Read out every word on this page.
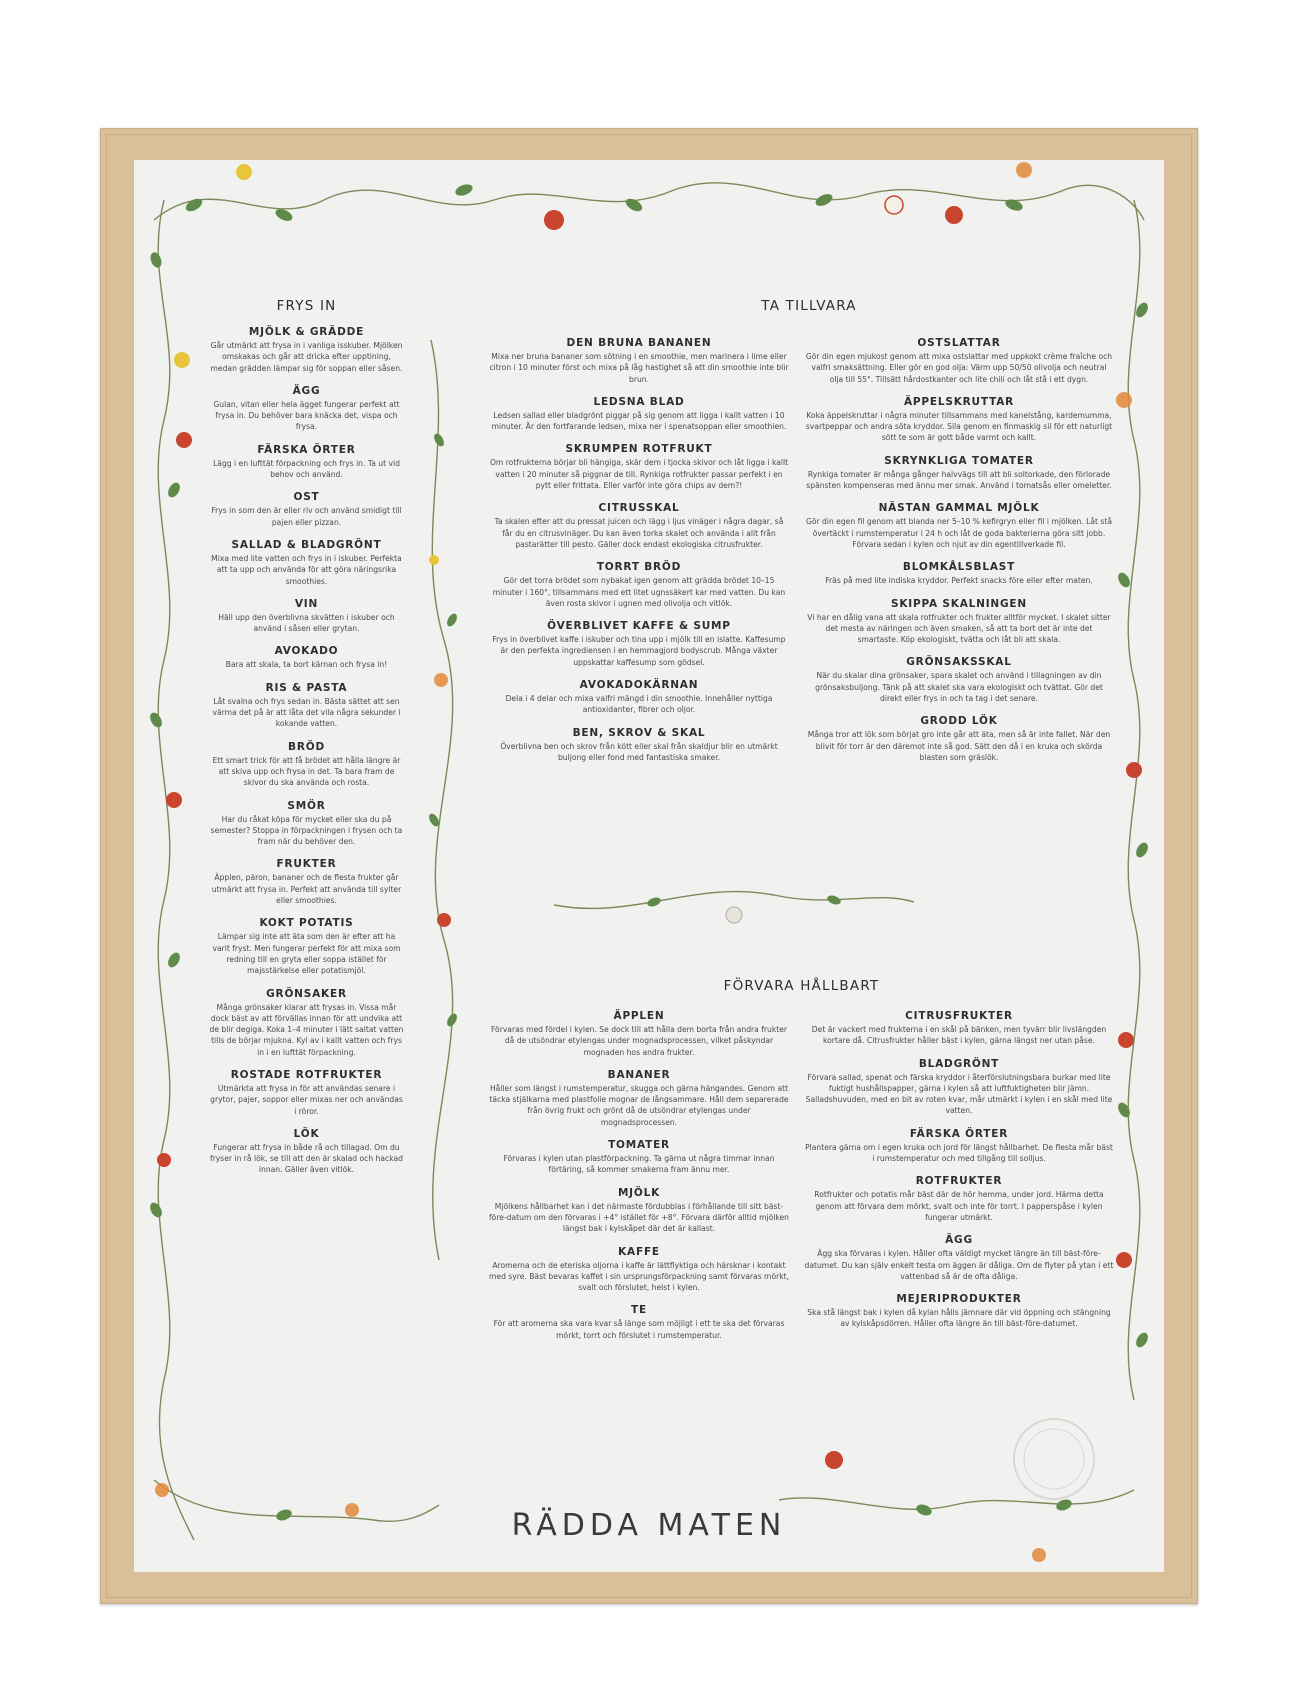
FRYS IN
MJÖLK & GRÄDDE

Går utmärkt att frysa in i vanliga isskuber. Mjölken omskakas och går att dricka efter upptining, medan grädden lämpar sig för soppan eller såsen.

ÄGG

Gulan, vitan eller hela ägget fungerar perfekt att frysa in. Du behöver bara knäcka det, vispa och frysa.

FÄRSKA ÖRTER

Lägg i en lufttät förpackning och frys in. Ta ut vid behov och använd.

OST

Frys in som den är eller riv och använd smidigt till pajen eller pizzan.

SALLAD & BLADGRÖNT

Mixa med lite vatten och frys in i iskuber. Perfekta att ta upp och använda för att göra näringsrika smoothies.

VIN

Häll upp den överblivna skvätten i iskuber och använd i såsen eller grytan.

AVOKADO

Bara att skala, ta bort kärnan och frysa in!

RIS & PASTA

Låt svalna och frys sedan in. Bästa sättet att sen värma det på är att låta det vila några sekunder i kokande vatten.

BRÖD

Ett smart trick för att få brödet att hålla längre är att skiva upp och frysa in det. Ta bara fram de skivor du ska använda och rosta.

SMÖR

Har du råkat köpa för mycket eller ska du på semester? Stoppa in förpackningen i frysen och ta fram när du behöver den.

FRUKTER

Äpplen, päron, bananer och de flesta frukter går utmärkt att frysa in. Perfekt att använda till sylter eller smoothies.

KOKT POTATIS

Lämpar sig inte att äta som den är efter att ha varit fryst. Men fungerar perfekt för att mixa som redning till en gryta eller soppa istället för majsstärkelse eller potatismjöl.

GRÖNSAKER

Många grönsaker klarar att frysas in. Vissa mår dock bäst av att förvällas innan för att undvika att de blir degiga. Koka 1–4 minuter i lätt saltat vatten tills de börjar mjukna. Kyl av i kallt vatten och frys in i en lufttät förpackning.

ROSTADE ROTFRUKTER

Utmärkta att frysa in för att användas senare i grytor, pajer, soppor eller mixas ner och användas i röror.

LÖK

Fungerar att frysa in både rå och tillagad. Om du fryser in rå lök, se till att den är skalad och hackad innan. Gäller även vitlök.

TA TILLVARA
DEN BRUNA BANANEN

Mixa ner bruna bananer som sötning i en smoothie, men marinera i lime eller citron i 10 minuter först och mixa på låg hastighet så att din smoothie inte blir brun.

LEDSNA BLAD

Ledsen sallad eller bladgrönt piggar på sig genom att ligga i kallt vatten i 10 minuter. Är den fortfarande ledsen, mixa ner i spenatsoppan eller smoothien.

SKRUMPEN ROTFRUKT

Om rotfrukterna börjar bli hängiga, skär dem i tjocka skivor och låt ligga i kallt vatten i 20 minuter så piggnar de till. Rynkiga rotfrukter passar perfekt i en pytt eller frittata. Eller varför inte göra chips av dem?!

CITRUSSKAL

Ta skalen efter att du pressat juicen och lägg i ljus vinäger i några dagar, så får du en citrusvinäger. Du kan även torka skalet och använda i allt från pastarätter till pesto. Gäller dock endast ekologiska citrusfrukter.

TORRT BRÖD

Gör det torra brödet som nybakat igen genom att grädda brödet 10–15 minuter i 160°, tillsammans med ett litet ugnssäkert kar med vatten. Du kan även rosta skivor i ugnen med olivolja och vitlök.

ÖVERBLIVET KAFFE & SUMP

Frys in överblivet kaffe i iskuber och tina upp i mjölk till en islatte. Kaffesump är den perfekta ingrediensen i en hemmagjord bodyscrub. Många växter uppskattar kaffesump som gödsel.

AVOKADOKÄRNAN

Dela i 4 delar och mixa valfri mängd i din smoothie. Innehåller nyttiga antioxidanter, fibrer och oljor.

BEN, SKROV & SKAL

Överblivna ben och skrov från kött eller skal från skaldjur blir en utmärkt buljong eller fond med fantastiska smaker.

OSTSLATTAR

Gör din egen mjukost genom att mixa ostslattar med uppkokt crème fraîche och valfri smaksättning. Eller gör en god olja: Värm upp 50/50 olivolja och neutral olja till 55°. Tillsätt hårdostkanter och lite chili och låt stå i ett dygn.

ÄPPELSKRUTTAR

Koka äppelskruttar i några minuter tillsammans med kanelstång, kardemumma, svartpeppar och andra söta kryddor. Sila genom en finmaskig sil för ett naturligt sött te som är gott både varmt och kallt.

SKRYNKLIGA TOMATER

Rynkiga tomater är många gånger halvvägs till att bli soltorkade, den förlorade spänsten kompenseras med ännu mer smak. Använd i tomatsås eller omeletter.

NÄSTAN GAMMAL MJÖLK

Gör din egen fil genom att blanda ner 5–10 % kefirgryn eller fil i mjölken. Låt stå övertäckt i rumstemperatur i 24 h och låt de goda bakterierna göra sitt jobb. Förvara sedan i kylen och njut av din egentillverkade fil.

BLOMKÅLSBLAST

Fräs på med lite indiska kryddor. Perfekt snacks före eller efter maten.

SKIPPA SKALNINGEN

Vi har en dålig vana att skala rotfrukter och frukter alltför mycket. I skalet sitter det mesta av näringen och även smaken, så att ta bort det är inte det smartaste. Köp ekologiskt, tvätta och låt bli att skala.

GRÖNSAKSSKAL

När du skalar dina grönsaker, spara skalet och använd i tillagningen av din grönsaksbuljong. Tänk på att skalet ska vara ekologiskt och tvättat. Gör det direkt eller frys in och ta tag i det senare.

GRODD LÖK

Många tror att lök som börjat gro inte går att äta, men så är inte fallet. När den blivit för torr är den däremot inte så god. Sätt den då i en kruka och skörda blasten som gräslök.

FÖRVARA HÅLLBART
ÄPPLEN

Förvaras med fördel i kylen. Se dock till att hålla dem borta från andra frukter då de utsöndrar etylengas under mognadsprocessen, vilket påskyndar mognaden hos andra frukter.

BANANER

Håller som längst i rumstemperatur, skugga och gärna hängandes. Genom att täcka stjälkarna med plastfolie mognar de långsammare. Håll dem separerade från övrig frukt och grönt då de utsöndrar etylengas under mognadsprocessen.

TOMATER

Förvaras i kylen utan plastförpackning. Ta gärna ut några timmar innan förtäring, så kommer smakerna fram ännu mer.

MJÖLK

Mjölkens hållbarhet kan i det närmaste fördubblas i förhållande till sitt bäst-före-datum om den förvaras i +4° istället för +8°. Förvara därför alltid mjölken längst bak i kylskåpet där det är kallast.

KAFFE

Aromerna och de eteriska oljorna i kaffe är lättflyktiga och härsknar i kontakt med syre. Bäst bevaras kaffet i sin ursprungsförpackning samt förvaras mörkt, svalt och förslutet, helst i kylen.

TE

För att aromerna ska vara kvar så länge som möjligt i ett te ska det förvaras mörkt, torrt och förslutet i rumstemperatur.

CITRUSFRUKTER

Det är vackert med frukterna i en skål på bänken, men tyvärr blir livslängden kortare då. Citrusfrukter håller bäst i kylen, gärna längst ner utan påse.

BLADGRÖNT

Förvara sallad, spenat och färska kryddor i återförslutningsbara burkar med lite fuktigt hushållspapper, gärna i kylen så att luftfuktigheten blir jämn. Salladshuvuden, med en bit av roten kvar, mår utmärkt i kylen i en skål med lite vatten.

FÄRSKA ÖRTER

Plantera gärna om i egen kruka och jord för längst hållbarhet. De flesta mår bäst i rumstemperatur och med tillgång till solljus.

ROTFRUKTER

Rotfrukter och potatis mår bäst där de hör hemma, under jord. Härma detta genom att förvara dem mörkt, svalt och inte för torrt. I papperspåse i kylen fungerar utmärkt.

ÄGG

Ägg ska förvaras i kylen. Håller ofta väldigt mycket längre än till bäst-före-datumet. Du kan själv enkelt testa om äggen är dåliga. Om de flyter på ytan i ett vattenbad så är de ofta dåliga.

MEJERIPRODUKTER

Ska stå längst bak i kylen då kylan hålls jämnare där vid öppning och stängning av kylskåpsdörren. Håller ofta längre än till bäst-före-datumet.

RÄDDA MATEN
